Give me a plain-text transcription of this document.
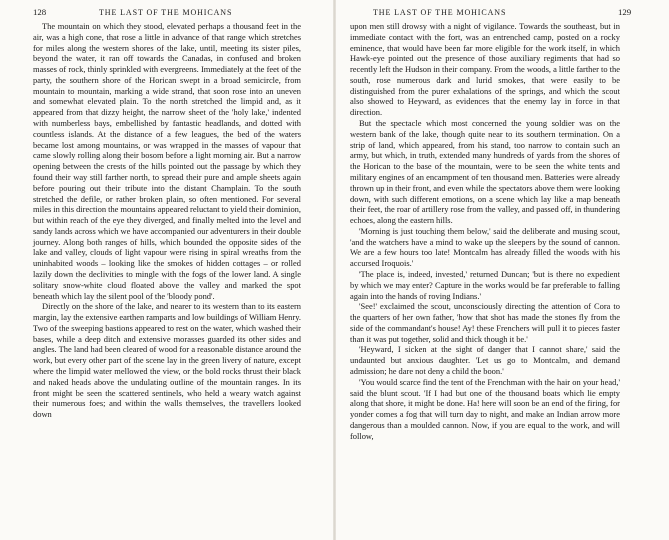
128	THE LAST OF THE MOHICANS

The mountain on which they stood, elevated perhaps a thousand feet in the air, was a high cone, that rose a little in advance of that range which stretches for miles along the western shores of the lake, until, meeting its sister piles, beyond the water, it ran off towards the Canadas, in confused and broken masses of rock, thinly sprinkled with evergreens. Immediately at the feet of the party, the southern shore of the Horican swept in a broad semicircle, from mountain to mountain, marking a wide strand, that soon rose into an uneven and somewhat elevated plain. To the north stretched the limpid and, as it appeared from that dizzy height, the narrow sheet of the 'holy lake,' indented with numberless bays, embellished by fantastic headlands, and dotted with countless islands. At the distance of a few leagues, the bed of the waters became lost among mountains, or was wrapped in the masses of vapour that came slowly rolling along their bosom before a light morning air. But a narrow opening between the crests of the hills pointed out the passage by which they found their way still farther north, to spread their pure and ample sheets again before pouring out their tribute into the distant Champlain. To the south stretched the defile, or rather broken plain, so often mentioned. For several miles in this direction the mountains appeared reluctant to yield their dominion, but within reach of the eye they diverged, and finally melted into the level and sandy lands across which we have accompanied our adventurers in their double journey. Along both ranges of hills, which bounded the opposite sides of the lake and valley, clouds of light vapour were rising in spiral wreaths from the uninhabited woods – looking like the smokes of hidden cottages – or rolled lazily down the declivities to mingle with the fogs of the lower land. A single solitary snow-white cloud floated above the valley and marked the spot beneath which lay the silent pool of the 'bloody pond'.

Directly on the shore of the lake, and nearer to its western than to its eastern margin, lay the extensive earthen ramparts and low buildings of William Henry. Two of the sweeping bastions appeared to rest on the water, which washed their bases, while a deep ditch and extensive morasses guarded its other sides and angles. The land had been cleared of wood for a reasonable distance around the work, but every other part of the scene lay in the green livery of nature, except where the limpid water mellowed the view, or the bold rocks thrust their black and naked heads above the undulating outline of the mountain ranges. In its front might be seen the scattered sentinels, who held a weary watch against their numerous foes; and within the walls themselves, the travellers looked down

THE LAST OF THE MOHICANS	129

upon men still drowsy with a night of vigilance. Towards the southeast, but in immediate contact with the fort, was an entrenched camp, posted on a rocky eminence, that would have been far more eligible for the work itself, in which Hawk-eye pointed out the presence of those auxiliary regiments that had so recently left the Hudson in their company. From the woods, a little farther to the south, rose numerous dark and lurid smokes, that were easily to be distinguished from the purer exhalations of the springs, and which the scout also showed to Heyward, as evidences that the enemy lay in force in that direction.

But the spectacle which most concerned the young soldier was on the western bank of the lake, though quite near to its southern termination. On a strip of land, which appeared, from his stand, too narrow to contain such an army, but which, in truth, extended many hundreds of yards from the shores of the Horican to the base of the mountain, were to be seen the white tents and military engines of an encampment of ten thousand men. Batteries were already thrown up in their front, and even while the spectators above them were looking down, with such different emotions, on a scene which lay like a map beneath their feet, the roar of artillery rose from the valley, and passed off, in thundering echoes, along the eastern hills.

'Morning is just touching them below,' said the deliberate and musing scout, 'and the watchers have a mind to wake up the sleepers by the sound of cannon. We are a few hours too late! Montcalm has already filled the woods with his accursed Iroquois.'

'The place is, indeed, invested,' returned Duncan; 'but is there no expedient by which we may enter? Capture in the works would be far preferable to falling again into the hands of roving Indians.'

'See!' exclaimed the scout, unconsciously directing the attention of Cora to the quarters of her own father, 'how that shot has made the stones fly from the side of the commandant's house! Ay! these Frenchers will pull it to pieces faster than it was put together, solid and thick though it be.'

'Heyward, I sicken at the sight of danger that I cannot share,' said the undaunted but anxious daughter. 'Let us go to Montcalm, and demand admission; he dare not deny a child the boon.'

'You would scarce find the tent of the Frenchman with the hair on your head,' said the blunt scout. 'If I had but one of the thousand boats which lie empty along that shore, it might be done. Ha! here will soon be an end of the firing, for yonder comes a fog that will turn day to night, and make an Indian arrow more dangerous than a moulded cannon. Now, if you are equal to the work, and will follow,
